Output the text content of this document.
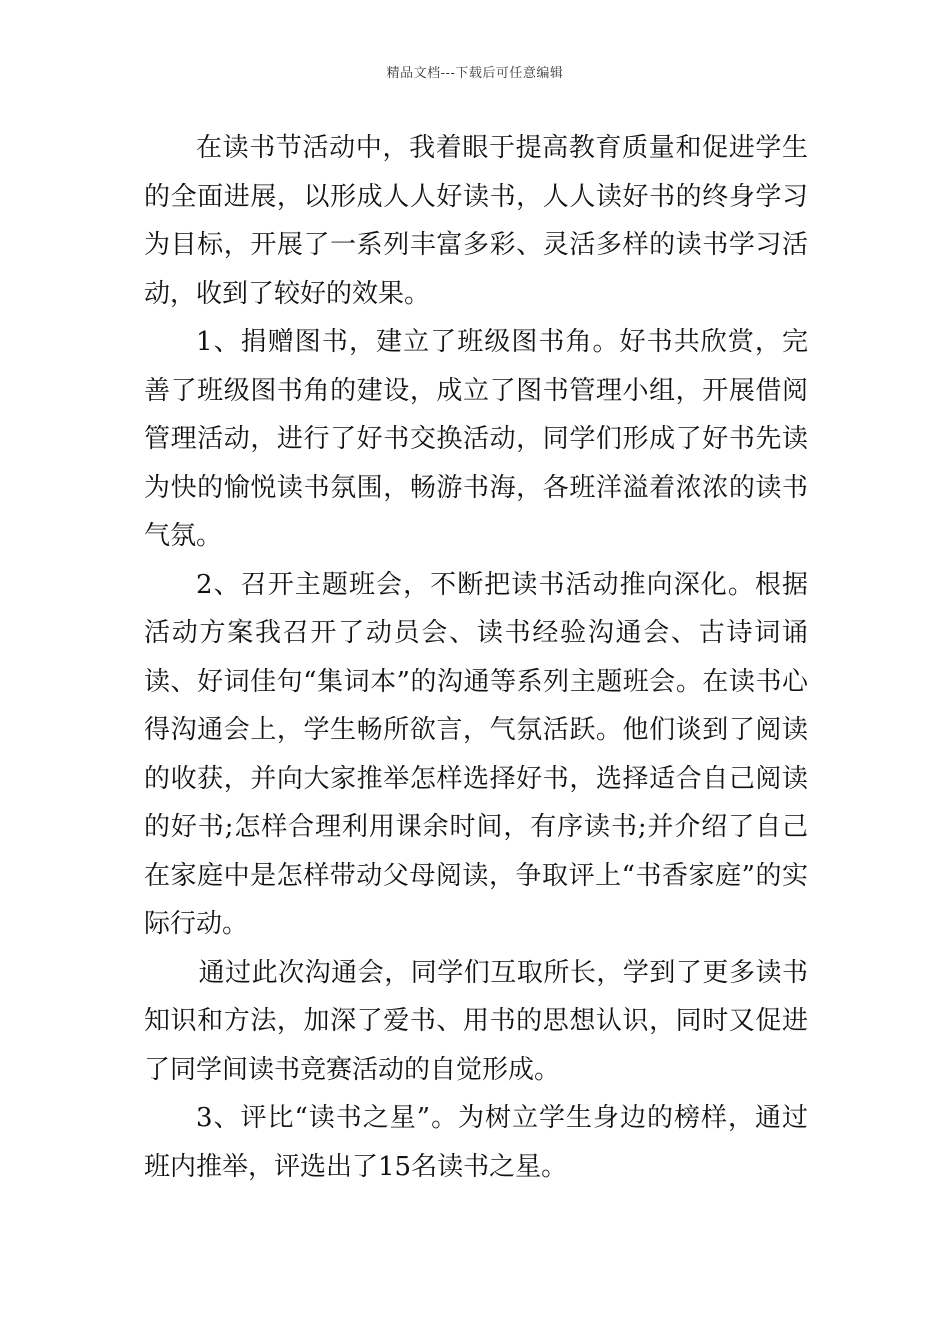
精品文档---下载后可任意编辑

在读书节活动中，我着眼于提高教育质量和促进学生的全面进展，以形成人人好读书，人人读好书的终身学习为目标，开展了一系列丰富多彩、灵活多样的读书学习活动，收到了较好的效果。

1、捐赠图书，建立了班级图书角。好书共欣赏，完善了班级图书角的建设，成立了图书管理小组，开展借阅管理活动，进行了好书交换活动，同学们形成了好书先读为快的愉悦读书氛围，畅游书海，各班洋溢着浓浓的读书气氛。

2、召开主题班会，不断把读书活动推向深化。根据活动方案我召开了动员会、读书经验沟通会、古诗词诵读、好词佳句“集词本”的沟通等系列主题班会。在读书心得沟通会上，学生畅所欲言，气氛活跃。他们谈到了阅读的收获，并向大家推举怎样选择好书，选择适合自己阅读的好书;怎样合理利用课余时间，有序读书;并介绍了自己在家庭中是怎样带动父母阅读，争取评上“书香家庭”的实际行动。

通过此次沟通会，同学们互取所长，学到了更多读书知识和方法，加深了爱书、用书的思想认识，同时又促进了同学间读书竞赛活动的自觉形成。

3、评比“读书之星”。为树立学生身边的榜样，通过班内推举，评选出了15名读书之星。
